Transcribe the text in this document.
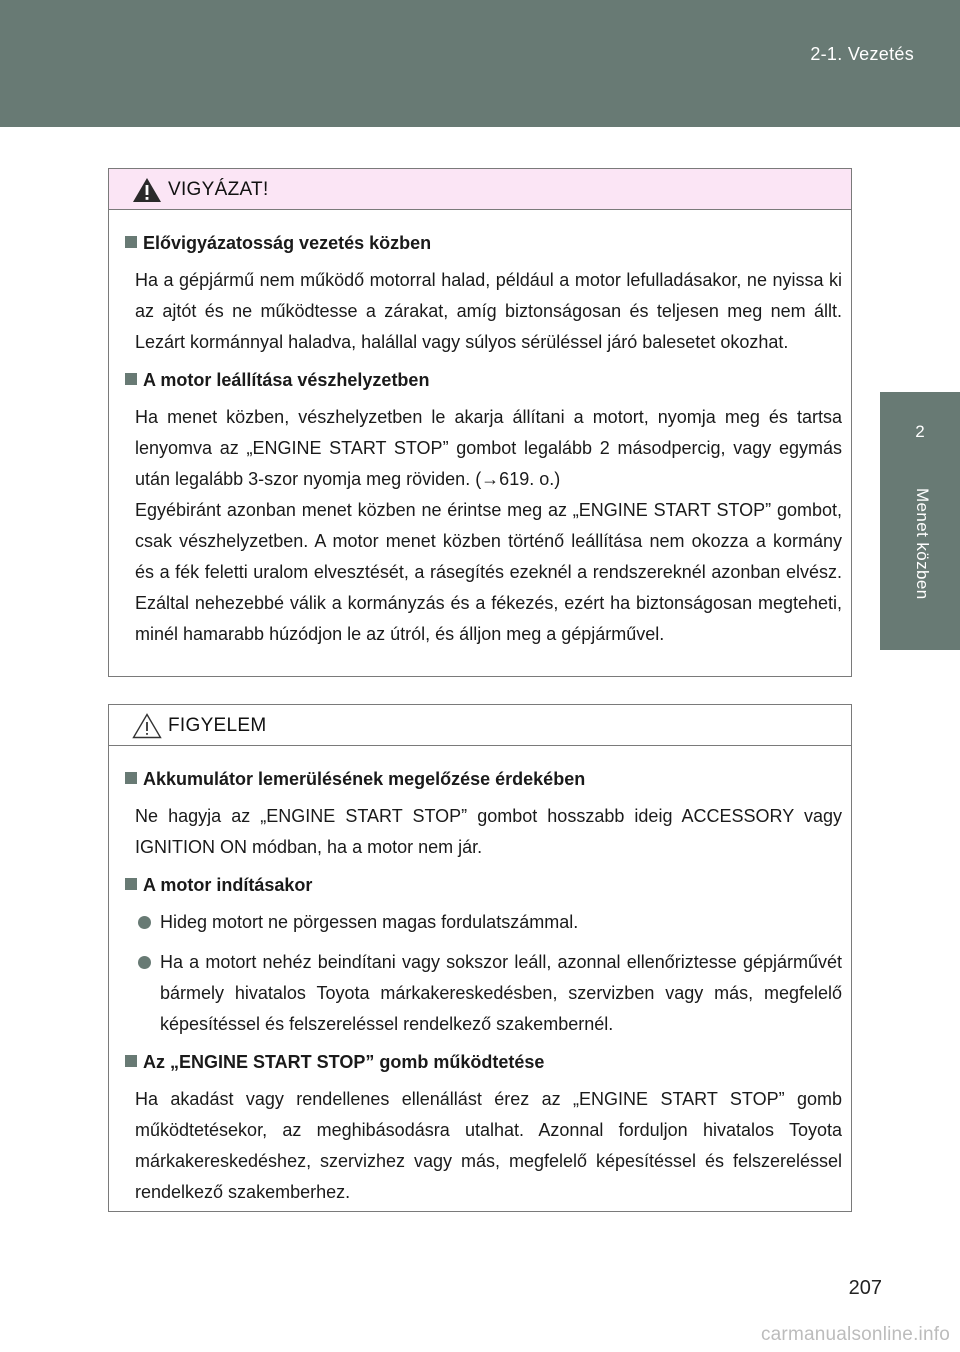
2-1. Vezetés
2
Menet közben
VIGYÁZAT!
Elővigyázatosság vezetés közben

Ha a gépjármű nem működő motorral halad, például a motor lefulladásakor, ne nyissa ki az ajtót és ne működtesse a zárakat, amíg biztonságosan és teljesen meg nem állt. Lezárt kormánnyal haladva, halállal vagy súlyos sérüléssel járó balesetet okozhat.

A motor leállítása vészhelyzetben

Ha menet közben, vészhelyzetben le akarja állítani a motort, nyomja meg és tartsa lenyomva az „ENGINE START STOP” gombot legalább 2 másodpercig, vagy egymás után legalább 3-szor nyomja meg röviden. (→619. o.)

Egyébiránt azonban menet közben ne érintse meg az „ENGINE START STOP” gombot, csak vészhelyzetben. A motor menet közben történő leállítása nem okozza a kormány és a fék feletti uralom elvesztését, a rásegítés ezeknél a rendszereknél azonban elvész. Ezáltal nehezebbé válik a kormányzás és a fékezés, ezért ha biztonságosan megteheti, minél hamarabb húzódjon le az útról, és álljon meg a gépjárművel.

FIGYELEM
Akkumulátor lemerülésének megelőzése érdekében

Ne hagyja az „ENGINE START STOP” gombot hosszabb ideig ACCESSORY vagy IGNITION ON módban, ha a motor nem jár.

A motor indításakor
Hideg motort ne pörgessen magas fordulatszámmal.
Ha a motort nehéz beindítani vagy sokszor leáll, azonnal ellenőriztesse gépjárművét bármely hivatalos Toyota márkakereskedésben, szervizben vagy más, megfelelő képesítéssel és felszereléssel rendelkező szakembernél.
Az „ENGINE START STOP” gomb működtetése

Ha akadást vagy rendellenes ellenállást érez az „ENGINE START STOP” gomb működtetésekor, az meghibásodásra utalhat. Azonnal forduljon hivatalos Toyota márkakereskedéshez, szervizhez vagy más, megfelelő képesítéssel és felszereléssel rendelkező szakemberhez.

207
carmanualsonline.info
